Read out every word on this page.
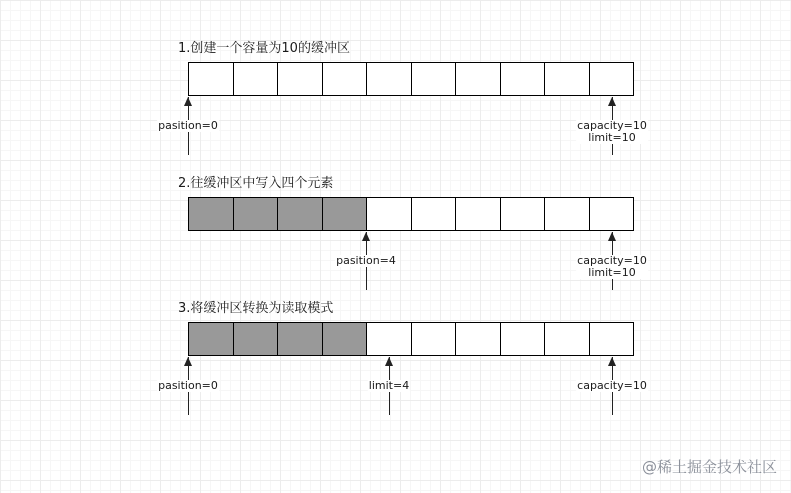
1.创建一个容量为10的缓冲区
pasition=0	capacity=10
limit=10
2.往缓冲区中写入四个元素
pasition=4	capacity=10
limit=10
3.将缓冲区转换为读取模式
pasition=0	limit=4	capacity=10
@稀土掘金技术社区
